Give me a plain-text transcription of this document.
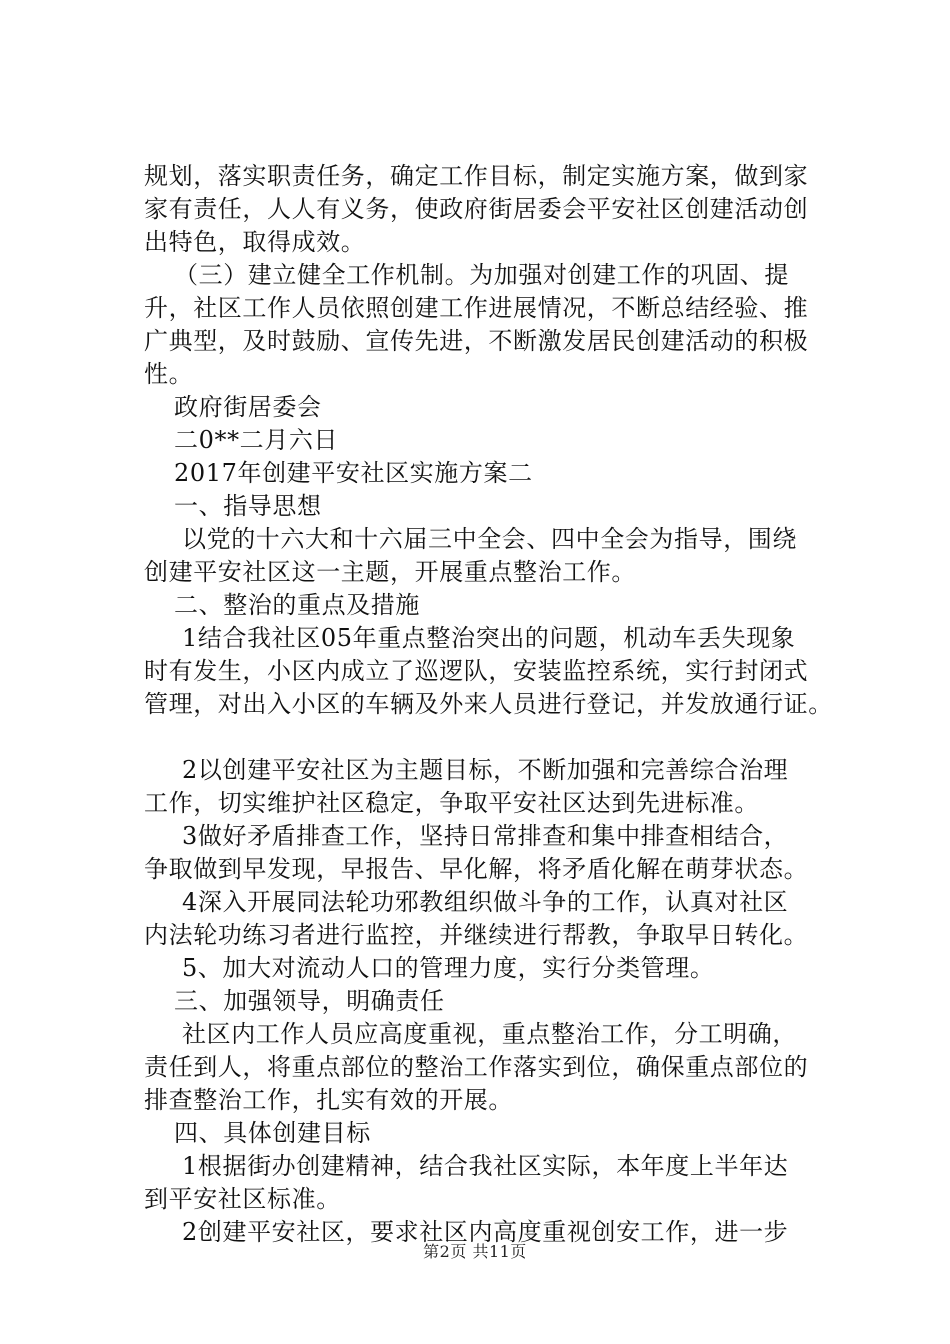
规划，落实职责任务，确定工作目标，制定实施方案，做到家

家有责任，人人有义务，使政府街居委会平安社区创建活动创

出特色，取得成效。

（三）建立健全工作机制。为加强对创建工作的巩固、提

升，社区工作人员依照创建工作进展情况，不断总结经验、推

广典型，及时鼓励、宣传先进，不断激发居民创建活动的积极

性。

政府街居委会

二0**二月六日

2017年创建平安社区实施方案二

一、指导思想

以党的十六大和十六届三中全会、四中全会为指导，围绕

创建平安社区这一主题，开展重点整治工作。

二、整治的重点及措施

1结合我社区05年重点整治突出的问题，机动车丢失现象

时有发生，小区内成立了巡逻队，安装监控系统，实行封闭式

管理，对出入小区的车辆及外来人员进行登记，并发放通行证。

2以创建平安社区为主题目标，不断加强和完善综合治理

工作，切实维护社区稳定，争取平安社区达到先进标准。

3做好矛盾排查工作，坚持日常排查和集中排查相结合，

争取做到早发现，早报告、早化解，将矛盾化解在萌芽状态。

4深入开展同法轮功邪教组织做斗争的工作，认真对社区

内法轮功练习者进行监控，并继续进行帮教，争取早日转化。

5、加大对流动人口的管理力度，实行分类管理。

三、加强领导，明确责任

社区内工作人员应高度重视，重点整治工作，分工明确，

责任到人，将重点部位的整治工作落实到位，确保重点部位的

排查整治工作，扎实有效的开展。

四、具体创建目标

1根据街办创建精神，结合我社区实际，本年度上半年达

到平安社区标准。

2创建平安社区，要求社区内高度重视创安工作，进一步

第2页 共11页
